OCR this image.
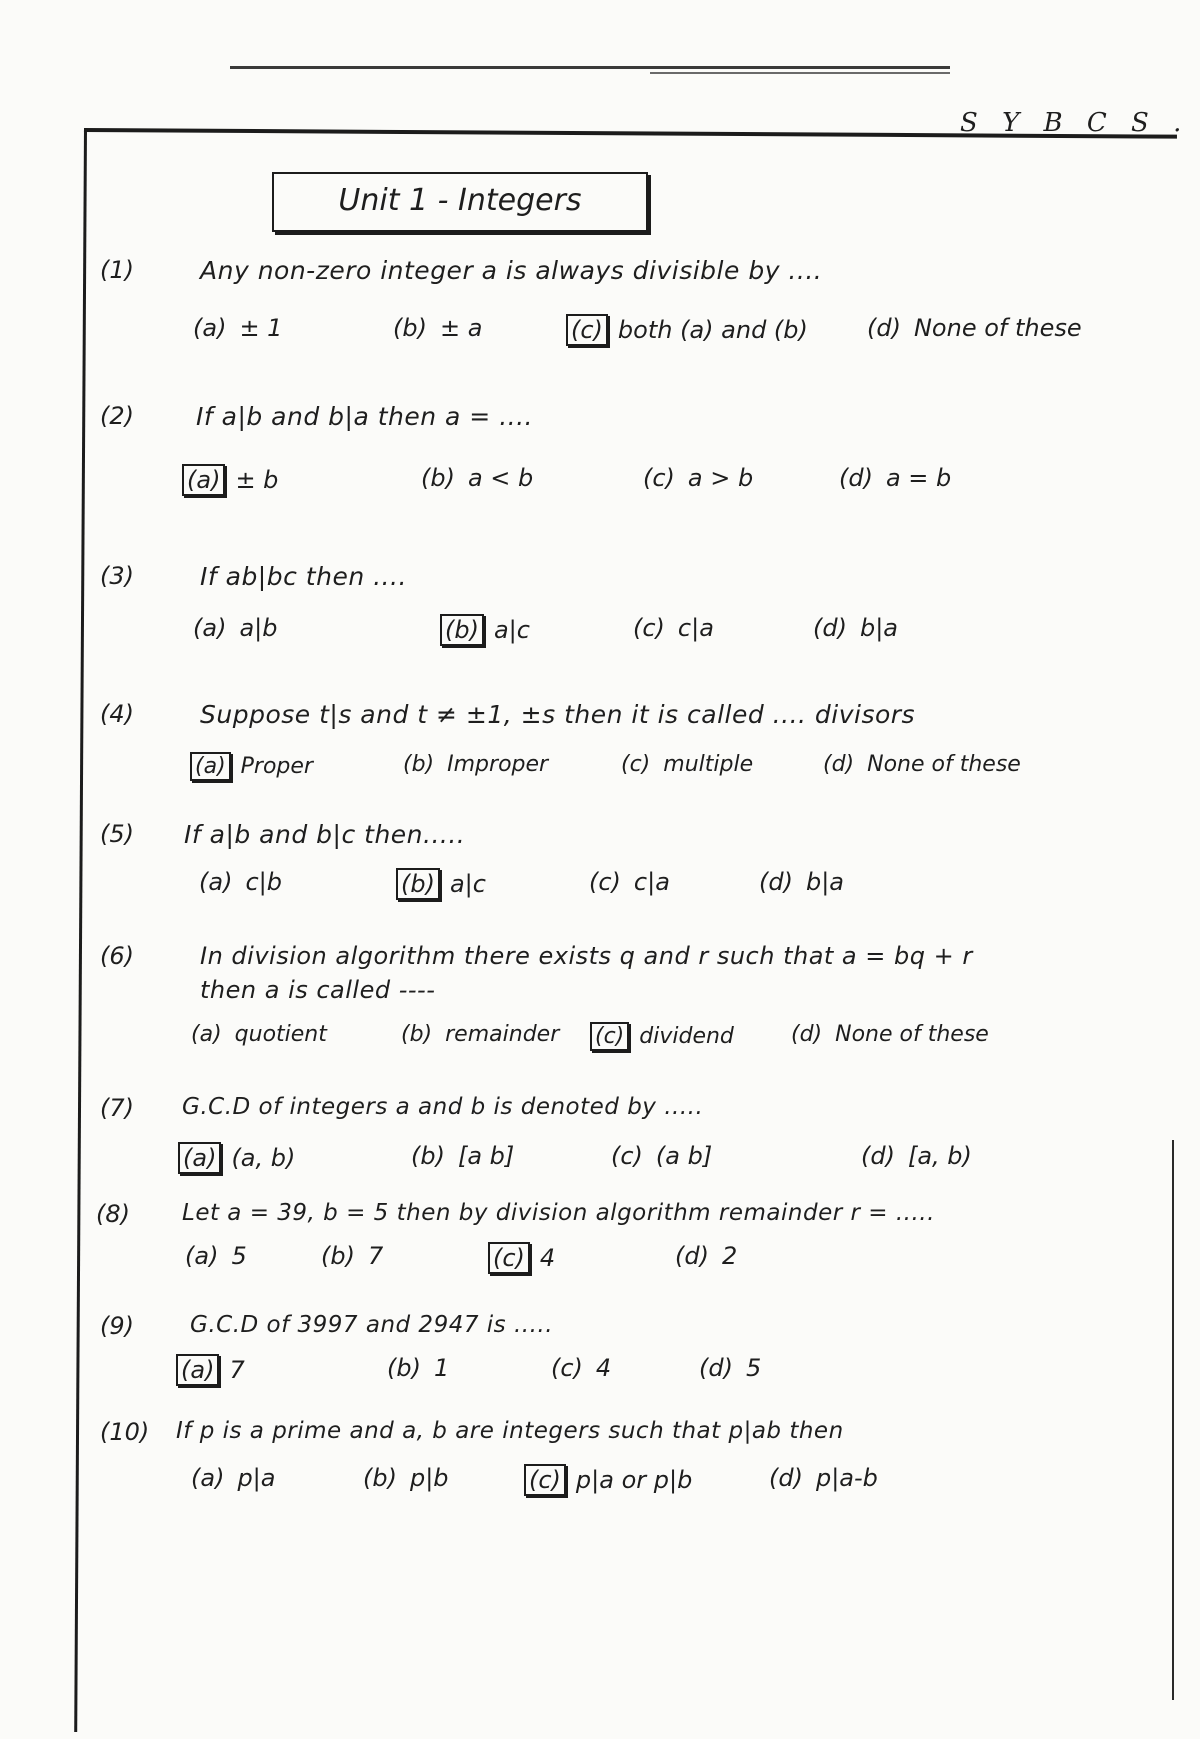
S Y B C S .
Unit 1 - Integers
(1)	Any non-zero integer a is always divisible by ....
(a) ± 1	(b) ± a	(c) both (a) and (b) (d) None of these
(2) If a|b and b|a then a = ....
(a) ± b	(b) a < b	(c) a > b	(d) a = b
(3)	If ab|bc then ....
(a) a|b	(b) a|c	(c) c|a	(d) b|a
(4)	Suppose t|s and t ≠ ±1, ±s then it is called .... divisors
(a) Proper	(b) Improper	(c) multiple	(d) None of these
(5) If a|b and b|c then.....
(a) c|b	(b) a|c	(c) c|a	(d) b|a
(6)	In division algorithm there exists q and r such that a = bq + r
then a is called ----
(a) quotient	(b) remainder (c) dividend	(d) None of these
(7) G.C.D of integers a and b is denoted by .....
(a) (a, b)	(b) [a b]	(c) (a b]	(d) [a, b)
(8) Let a = 39, b = 5 then by division algorithm remainder r = .....
(a) 5	(b) 7	(c) 4	(d) 2
(9) G.C.D of 3997 and 2947 is .....
(a) 7	(b) 1	(c) 4	(d) 5
(10) If p is a prime and a, b are integers such that p|ab then
(a) p|a	(b) p|b	(c) p|a or p|b	(d) p|a-b
